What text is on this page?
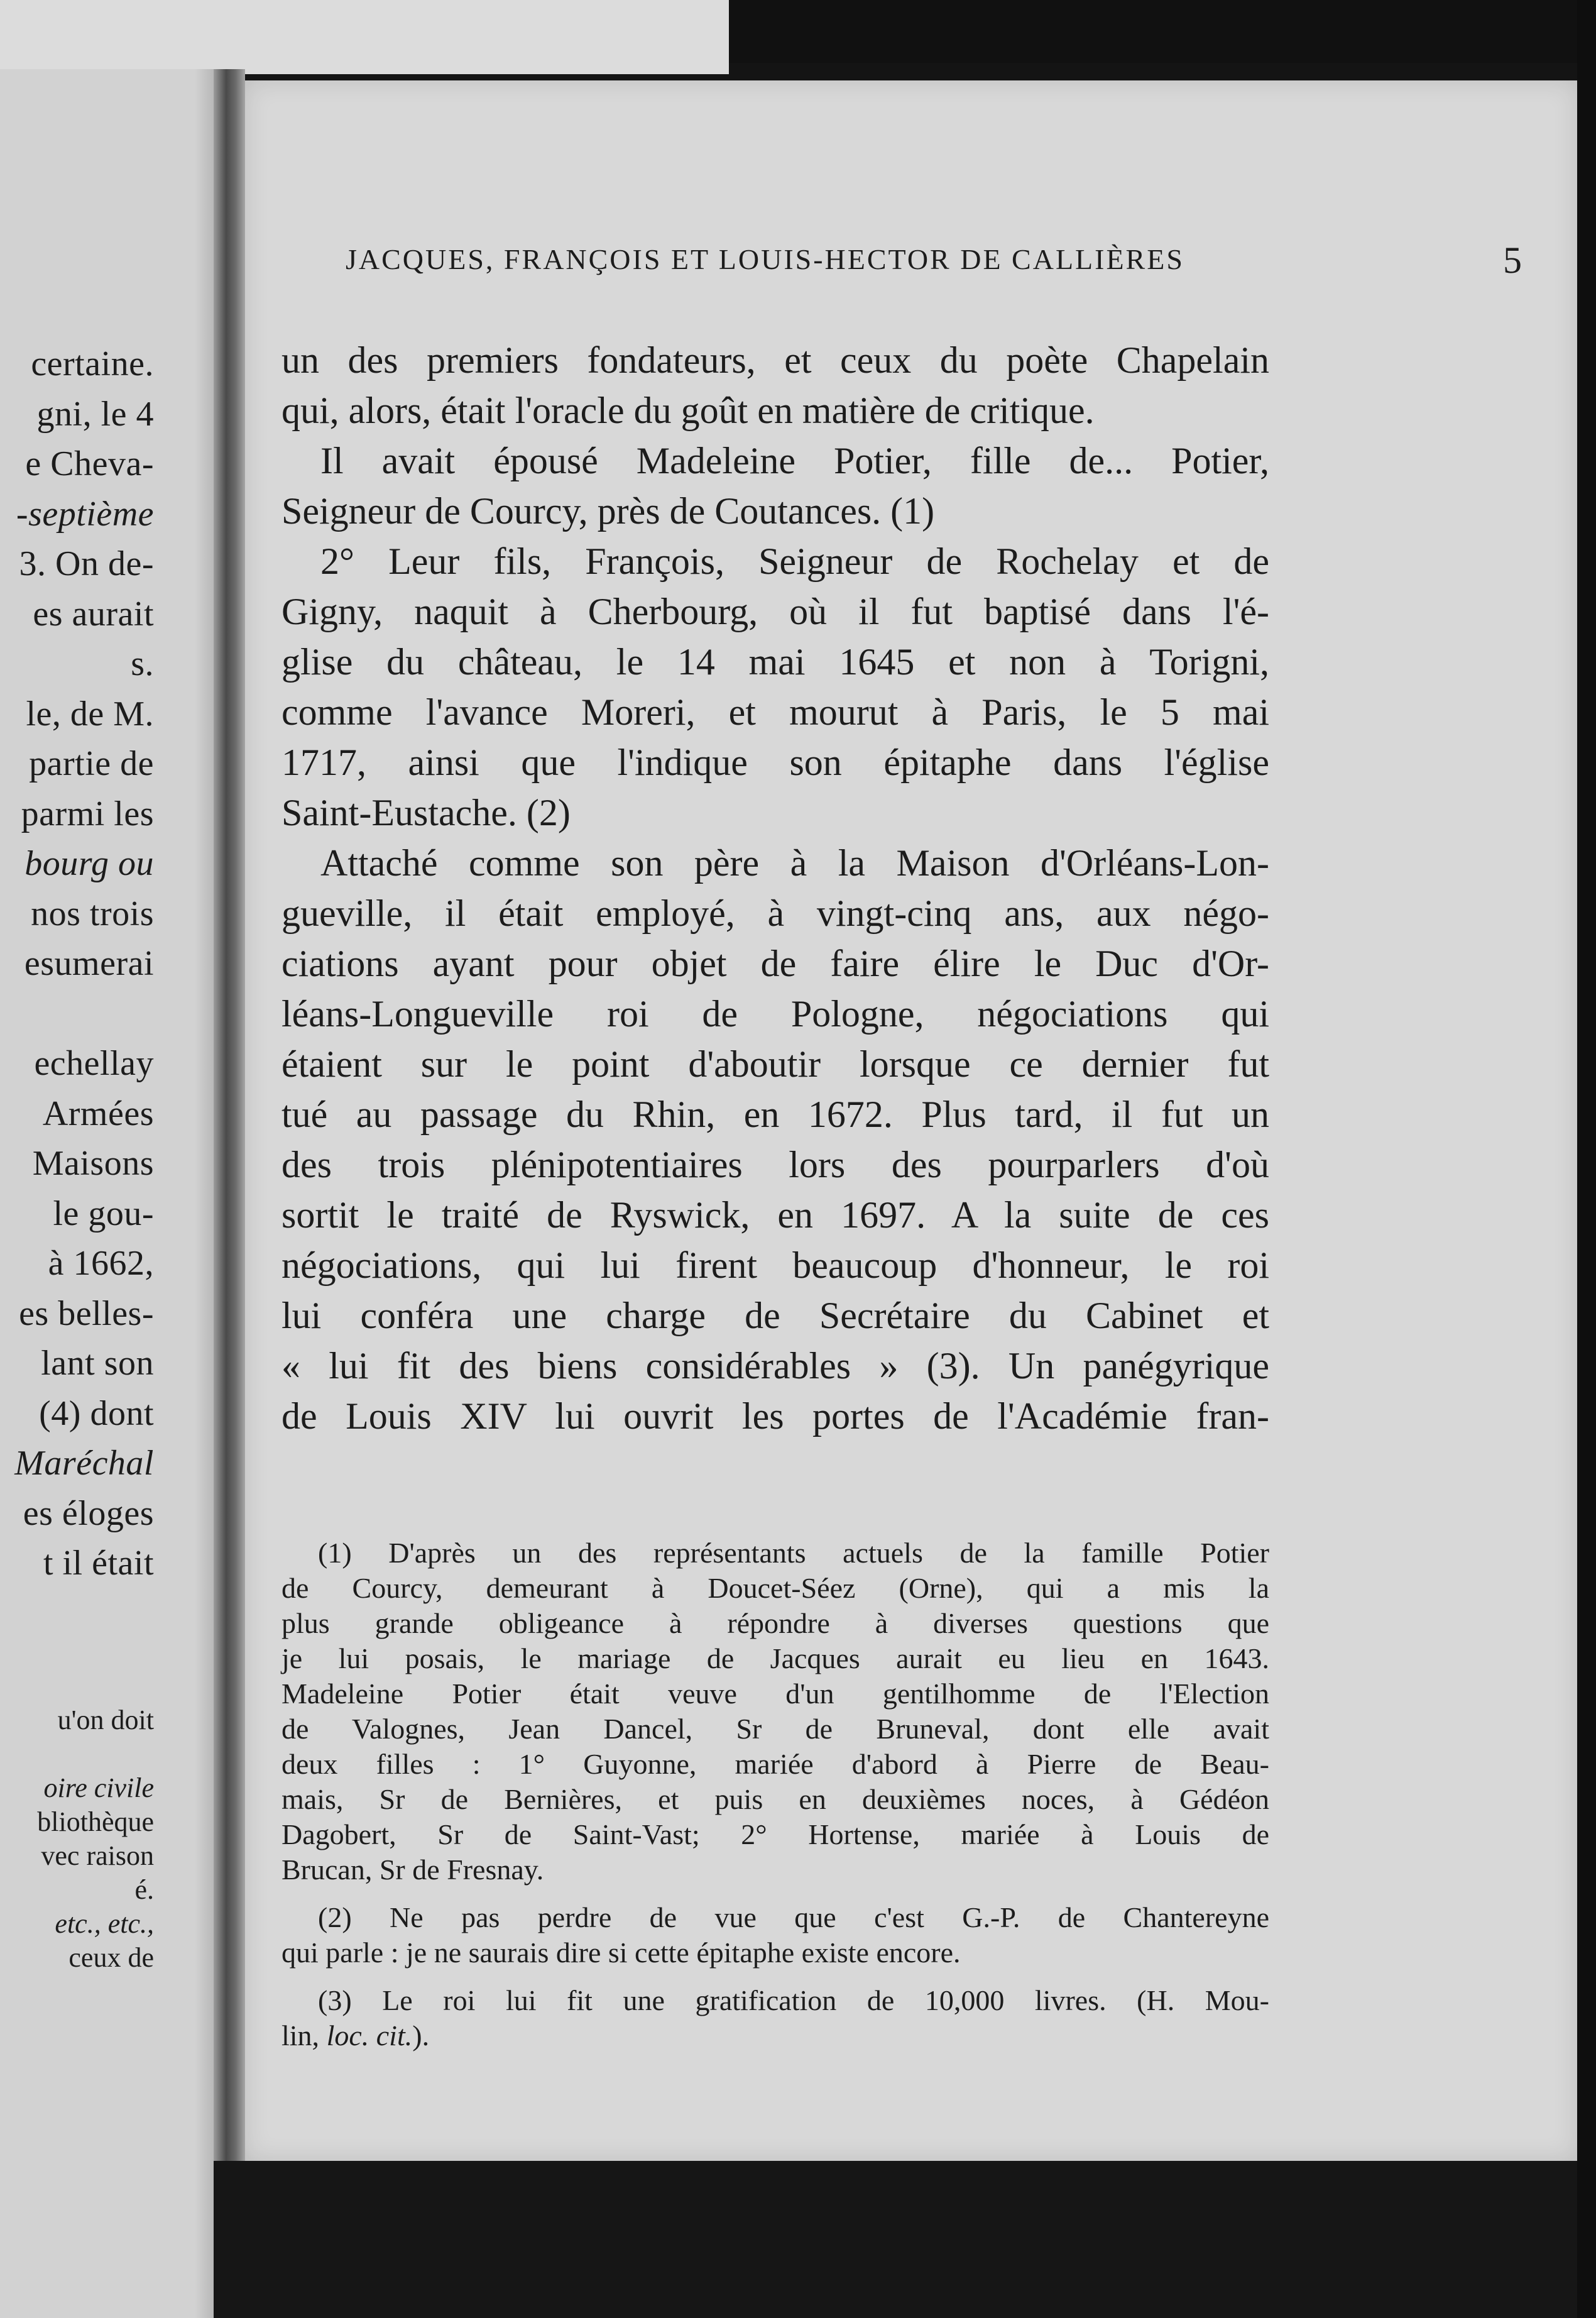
certaine.
gni, le 4
e Cheva-
-septième
3. On de-
es aurait
s.
le, de M.
partie de
parmi les
bourg ou
nos trois
esumerai

echellay
Armées
Maisons
le gou-
à 1662,
es belles-
lant son
(4) dont
Maréchal
es éloges
t il était
u'on doit

oire civile
bliothèque
vec raison
é.
etc., etc.,
ceux de
JACQUES, FRANÇOIS ET LOUIS-HECTOR DE CALLIÈRES	5
un des premiers fondateurs, et ceux du poète Chapelain
qui, alors, était l'oracle du goût en matière de critique.
Il avait épousé Madeleine Potier, fille de... Potier,
Seigneur de Courcy, près de Coutances. (1)
2° Leur fils, François, Seigneur de Rochelay et de
Gigny, naquit à Cherbourg, où il fut baptisé dans l'é-
glise du château, le 14 mai 1645 et non à Torigni,
comme l'avance Moreri, et mourut à Paris, le 5 mai
1717, ainsi que l'indique son épitaphe dans l'église
Saint-Eustache. (2)
Attaché comme son père à la Maison d'Orléans-Lon-
gueville, il était employé, à vingt-cinq ans, aux négo-
ciations ayant pour objet de faire élire le Duc d'Or-
léans-Longueville roi de Pologne, négociations qui
étaient sur le point d'aboutir lorsque ce dernier fut
tué au passage du Rhin, en 1672. Plus tard, il fut un
des trois plénipotentiaires lors des pourparlers d'où
sortit le traité de Ryswick, en 1697. A la suite de ces
négociations, qui lui firent beaucoup d'honneur, le roi
lui conféra une charge de Secrétaire du Cabinet et
« lui fit des biens considérables » (3). Un panégyrique
de Louis XIV lui ouvrit les portes de l'Académie fran-
(1) D'après un des représentants actuels de la famille Potier
de Courcy, demeurant à Doucet-Séez (Orne), qui a mis la
plus grande obligeance à répondre à diverses questions que
je lui posais, le mariage de Jacques aurait eu lieu en 1643.
Madeleine Potier était veuve d'un gentilhomme de l'Election
de Valognes, Jean Dancel, Sr de Bruneval, dont elle avait
deux filles : 1° Guyonne, mariée d'abord à Pierre de Beau-
mais, Sr de Bernières, et puis en deuxièmes noces, à Gédéon
Dagobert, Sr de Saint-Vast; 2° Hortense, mariée à Louis de
Brucan, Sr de Fresnay.
(2) Ne pas perdre de vue que c'est G.-P. de Chantereyne
qui parle : je ne saurais dire si cette épitaphe existe encore.
(3) Le roi lui fit une gratification de 10,000 livres. (H. Mou-
lin, loc. cit.).
